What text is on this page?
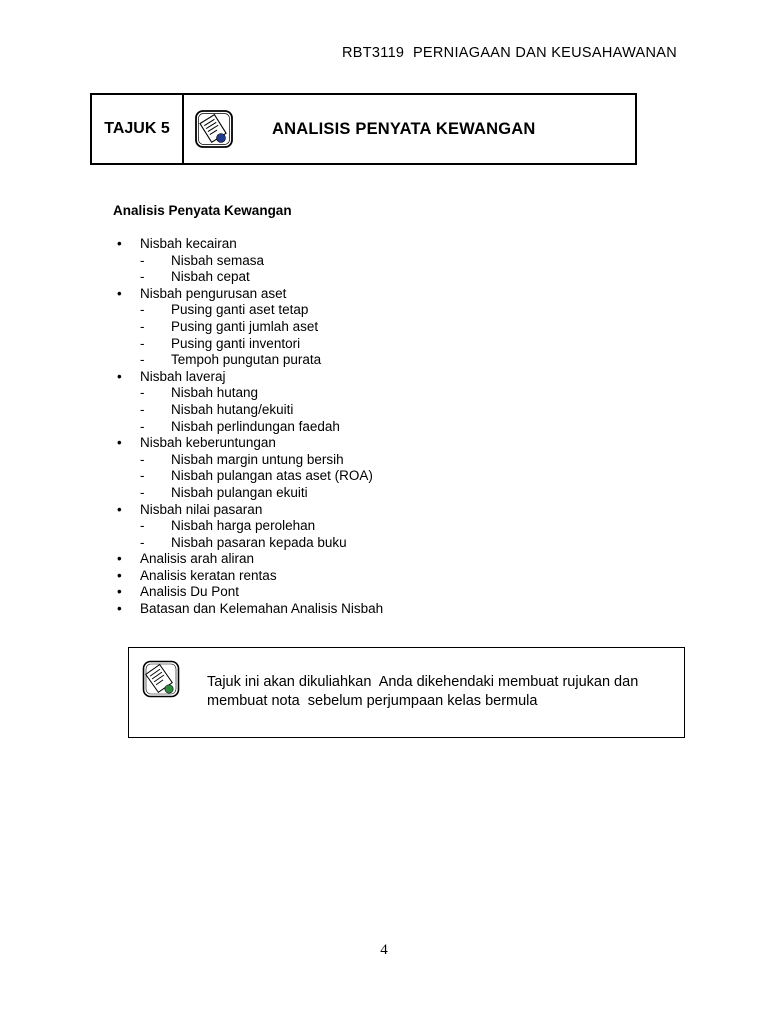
RBT3119  PERNIAGAAN DAN KEUSAHAWANAN
TAJUK 5	ANALISIS PENYATA KEWANGAN
Analisis Penyata Kewangan
• Nisbah kecairan
- Nisbah semasa
- Nisbah cepat
• Nisbah pengurusan aset
- Pusing ganti aset tetap
- Pusing ganti jumlah aset
- Pusing ganti inventori
- Tempoh pungutan purata
• Nisbah laveraj
- Nisbah hutang
- Nisbah hutang/ekuiti
- Nisbah perlindungan faedah
• Nisbah keberuntungan
- Nisbah margin untung bersih
- Nisbah pulangan atas aset (ROA)
- Nisbah pulangan ekuiti
• Nisbah nilai pasaran
- Nisbah harga perolehan
- Nisbah pasaran kepada buku
• Analisis arah aliran
• Analisis keratan rentas
• Analisis Du Pont
• Batasan dan Kelemahan Analisis Nisbah
Tajuk ini akan dikuliahkan  Anda dikehendaki membuat rujukan dan
membuat nota  sebelum perjumpaan kelas bermula
4
